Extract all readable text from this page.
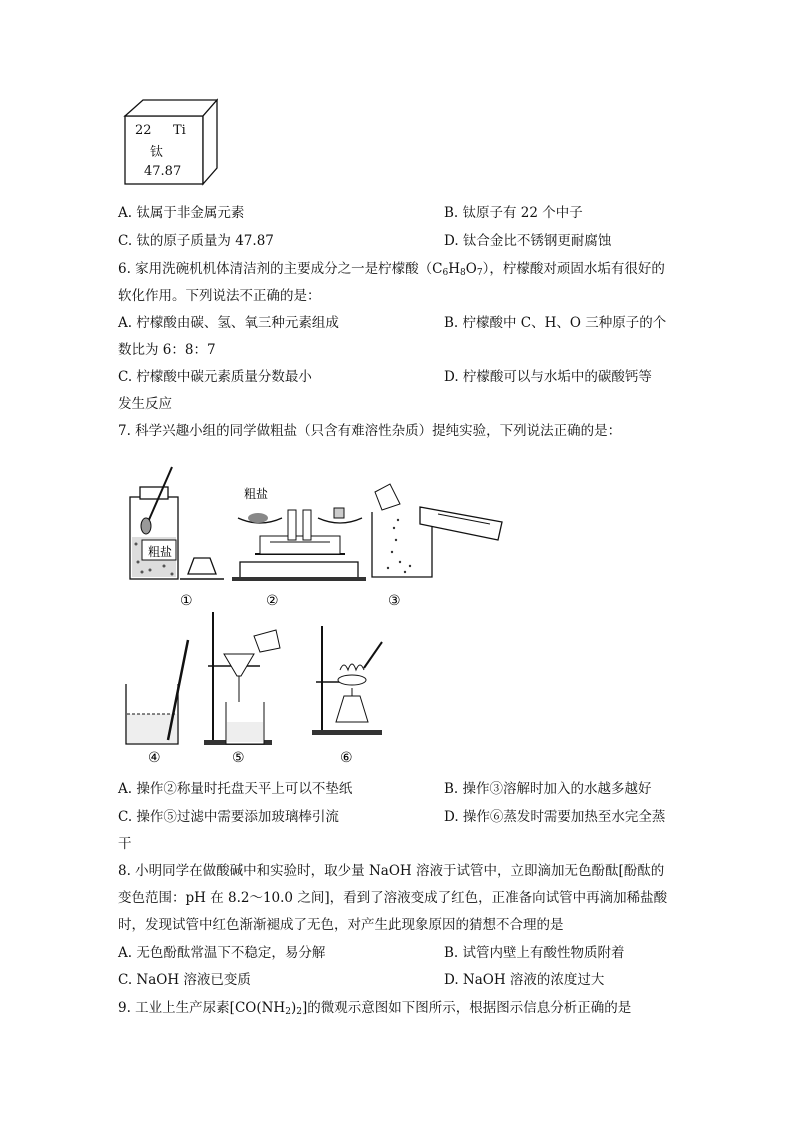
22 Ti
钛
47.87
A. 钛属于非金属元素	B. 钛原子有 22 个中子
C. 钛的原子质量为 47.87	D. 钛合金比不锈钢更耐腐蚀
6. 家用洗碗机机体清洁剂的主要成分之一是柠檬酸$(C_6H_8O_7)$，柠檬酸对顽固水垢有很好的
软化作用。下列说法不正确的是：
A. 柠檬酸由碳、氢、氧三种元素组成	B. 柠檬酸中 C、H、O 三种原子的个
数比为 6：8：7
C. 柠檬酸中碳元素质量分数最小	D. 柠檬酸可以与水垢中的碳酸钙等
发生反应
7. 科学兴趣小组的同学做粗盐（只含有难溶性杂质）提纯实验，下列说法正确的是：
粗盐
粗盐
①	②	③
④	⑤	⑥
A. 操作②称量时托盘天平上可以不垫纸	B. 操作③溶解时加入的水越多越好
C. 操作⑤过滤中需要添加玻璃棒引流	D. 操作⑥蒸发时需要加热至水完全蒸
干
8. 小明同学在做酸碱中和实验时，取少量 NaOH 溶液于试管中，立即滴加无色酚酞[酚酞的
变色范围：pH 在 8.2～10.0 之间]，看到了溶液变成了红色，正准备向试管中再滴加稀盐酸
时，发现试管中红色渐渐褪成了无色，对产生此现象原因的猜想不合理的是
A. 无色酚酞常温下不稳定，易分解	B. 试管内壁上有酸性物质附着
C. NaOH 溶液已变质	D. NaOH 溶液的浓度过大
9. 工业上生产尿素$[CO(NH_2)_2]$的微观示意图如下图所示，根据图示信息分析正确的是
